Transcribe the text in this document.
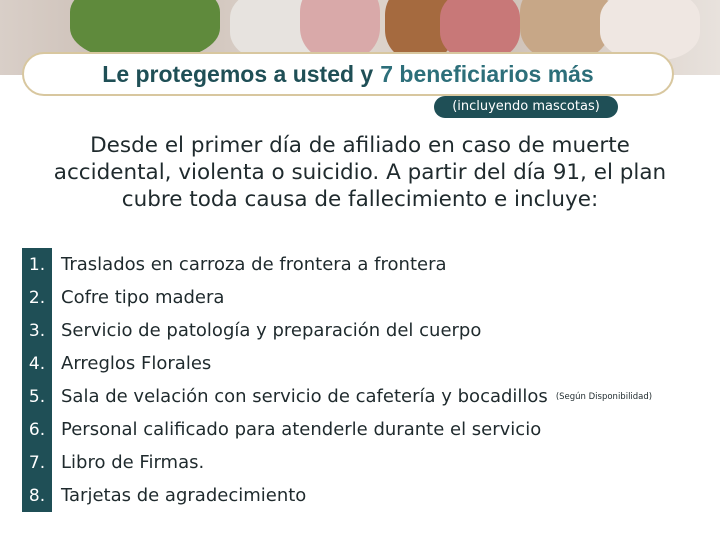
Le protegemos a usted y 7 beneficiarios más
(incluyendo mascotas)
Desde el primer día de afiliado en caso de muerte accidental, violenta o suicidio. A partir del día 91, el plan cubre toda causa de fallecimiento e incluye:
1. Traslados en carroza de frontera a frontera
2. Cofre tipo madera
3. Servicio de patología y preparación del cuerpo
4. Arreglos Florales
5. Sala de velación con servicio de cafetería y bocadillos (Según Disponibilidad)
6. Personal calificado para atenderle durante el servicio
7. Libro de Firmas.
8. Tarjetas de agradecimiento
